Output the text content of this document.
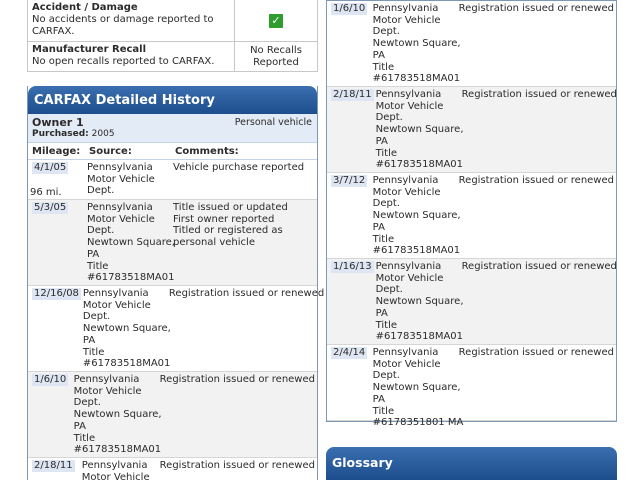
Accident / Damage
No accidents or damage reported to CARFAX.
✓
Manufacturer Recall
No open recalls reported to CARFAX.
No Recalls
Reported
CARFAX Detailed History
Owner 1
Purchased: 2005
Personal vehicle
Mileage: Source:	Comments:
4/1/05
96 mi.
Pennsylvania
Motor Vehicle
Dept.
Vehicle purchase reported
5/3/05	Pennsylvania
Motor Vehicle
Dept.
Newtown Square,
PA
Title
#61783518MA01
Title issued or updated
First owner reported
Titled or registered as
personal vehicle
12/16/08 Pennsylvania
Motor Vehicle
Dept.
Newtown Square,
PA
Title
#61783518MA01
Registration issued or renewed
1/6/10 Pennsylvania
Motor Vehicle
Dept.
Newtown Square,
PA
Title
#61783518MA01
Registration issued or renewed
2/18/11 Pennsylvania
Motor Vehicle
Registration issued or renewed
1/6/10 Pennsylvania
Motor Vehicle
Dept.
Newtown Square,
PA
Title
#61783518MA01
Registration issued or renewed
2/18/11 Pennsylvania
Motor Vehicle
Dept.
Newtown Square,
PA
Title
#61783518MA01
Registration issued or renewed
3/7/12 Pennsylvania
Motor Vehicle
Dept.
Newtown Square,
PA
Title
#61783518MA01
Registration issued or renewed
1/16/13 Pennsylvania
Motor Vehicle
Dept.
Newtown Square,
PA
Title
#61783518MA01
Registration issued or renewed
2/4/14 Pennsylvania
Motor Vehicle
Dept.
Newtown Square,
PA
Title
#6178351801 MA
Registration issued or renewed
Glossary
